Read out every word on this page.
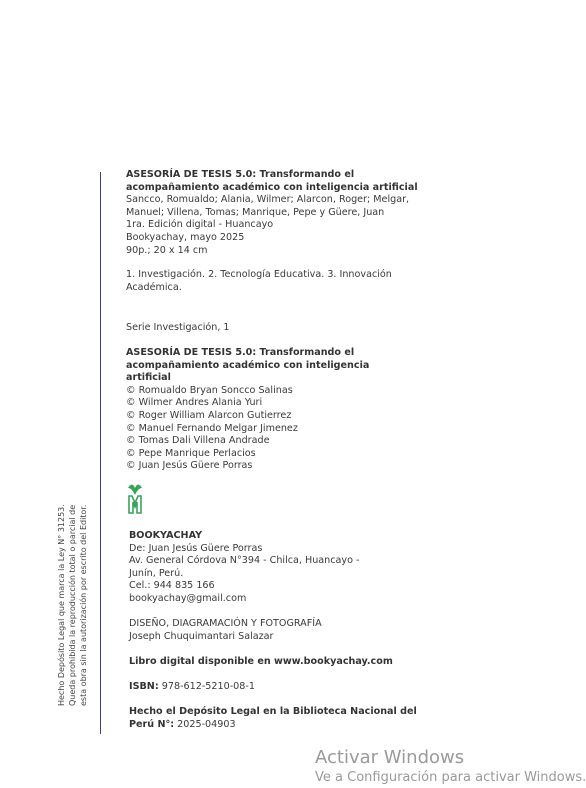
ASESORÍA DE TESIS 5.0: Transformando el
acompañamiento académico con inteligencia artificial
Sancco, Romualdo; Alania, Wilmer; Alarcon, Roger; Melgar,
Manuel; Villena, Tomas; Manrique, Pepe y Güere, Juan
1ra. Edición digital - Huancayo
Bookyachay, mayo 2025
90p.; 20 x 14 cm
1. Investigación. 2. Tecnología Educativa. 3. Innovación
Académica.
Serie Investigación, 1
ASESORÍA DE TESIS 5.0: Transformando el
acompañamiento académico con inteligencia
artificial
© Romualdo Bryan Soncco Salinas
© Wilmer Andres Alania Yuri
© Roger William Alarcon Gutierrez
© Manuel Fernando Melgar Jimenez
© Tomas Dali Villena Andrade
© Pepe Manrique Perlacios
© Juan Jesús Güere Porras
BOOKYACHAY
De: Juan Jesús Güere Porras
Av. General Córdova N°394 - Chilca, Huancayo -
Junín, Perú.
Cel.: 944 835 166
bookyachay@gmail.com
DISEÑO, DIAGRAMACIÓN Y FOTOGRAFÍA
Joseph Chuquimantari Salazar
Libro digital disponible en www.bookyachay.com
ISBN: 978-612-5210-08-1
Hecho el Depósito Legal en la Biblioteca Nacional del
Perú N°: 2025-04903
Hecho Depósito Legal que marca la Ley N° 31253. Queda prohibida la reproducción total o parcial de esta obra sin la autorización por escrito del Editor.
Activar Windows
Ve a Configuración para activar Windows.
